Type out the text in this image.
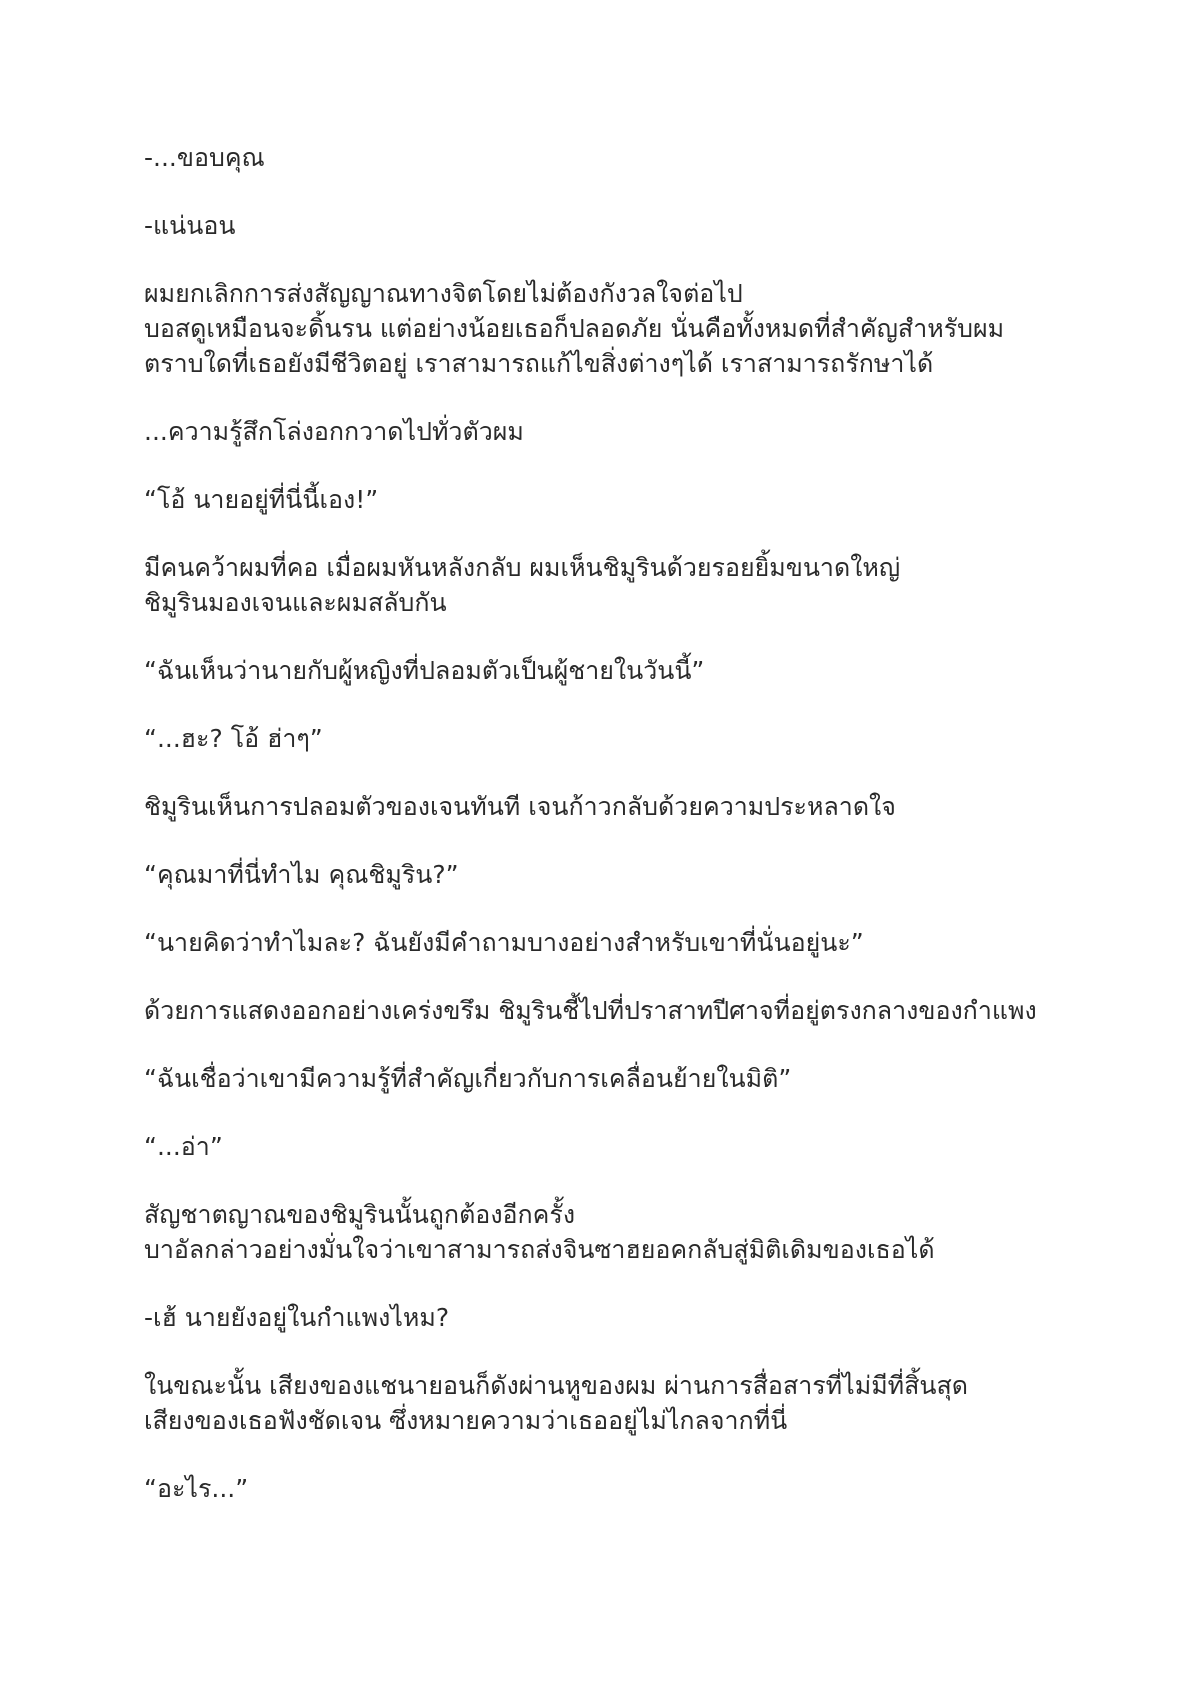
-...ขอบคุณ

-แน่นอน

ผมยกเลิกการส่งสัญญาณทางจิตโดยไม่ต้องกังวลใจต่อไป
บอสดูเหมือนจะดิ้นรน แต่อย่างน้อยเธอก็ปลอดภัย นั่นคือทั้งหมดที่สำคัญสำหรับผม
ตราบใดที่เธอยังมีชีวิตอยู่ เราสามารถแก้ไขสิ่งต่างๆได้ เราสามารถรักษาได้

...ความรู้สึกโล่งอกกวาดไปทั่วตัวผม

“โอ้ นายอยู่ที่นี่นี้เอง!”

มีคนคว้าผมที่คอ เมื่อผมหันหลังกลับ ผมเห็นชิมูรินด้วยรอยยิ้มขนาดใหญ่
ชิมูรินมองเจนและผมสลับกัน

“ฉันเห็นว่านายกับผู้หญิงที่ปลอมตัวเป็นผู้ชายในวันนี้”

“...ฮะ? โอ้ ฮ่าๆ”

ชิมูรินเห็นการปลอมตัวของเจนทันที เจนก้าวกลับด้วยความประหลาดใจ

“คุณมาที่นี่ทำไม คุณชิมูริน?”

“นายคิดว่าทำไมละ? ฉันยังมีคำถามบางอย่างสำหรับเขาที่นั่นอยู่นะ”

ด้วยการแสดงออกอย่างเคร่งขรึม ชิมูรินชี้ไปที่ปราสาทปีศาจที่อยู่ตรงกลางของกำแพง

“ฉันเชื่อว่าเขามีความรู้ที่สำคัญเกี่ยวกับการเคลื่อนย้ายในมิติ”

“...อ่า”

สัญชาตญาณของชิมูรินนั้นถูกต้องอีกครั้ง
บาอัลกล่าวอย่างมั่นใจว่าเขาสามารถส่งจินซาฮยอคกลับสู่มิติเดิมของเธอได้

-เฮ้ นายยังอยู่ในกำแพงไหม?

ในขณะนั้น เสียงของแชนายอนก็ดังผ่านหูของผม ผ่านการสื่อสารที่ไม่มีที่สิ้นสุด
เสียงของเธอฟังชัดเจน ซึ่งหมายความว่าเธออยู่ไม่ไกลจากที่นี่

“อะไร...”
